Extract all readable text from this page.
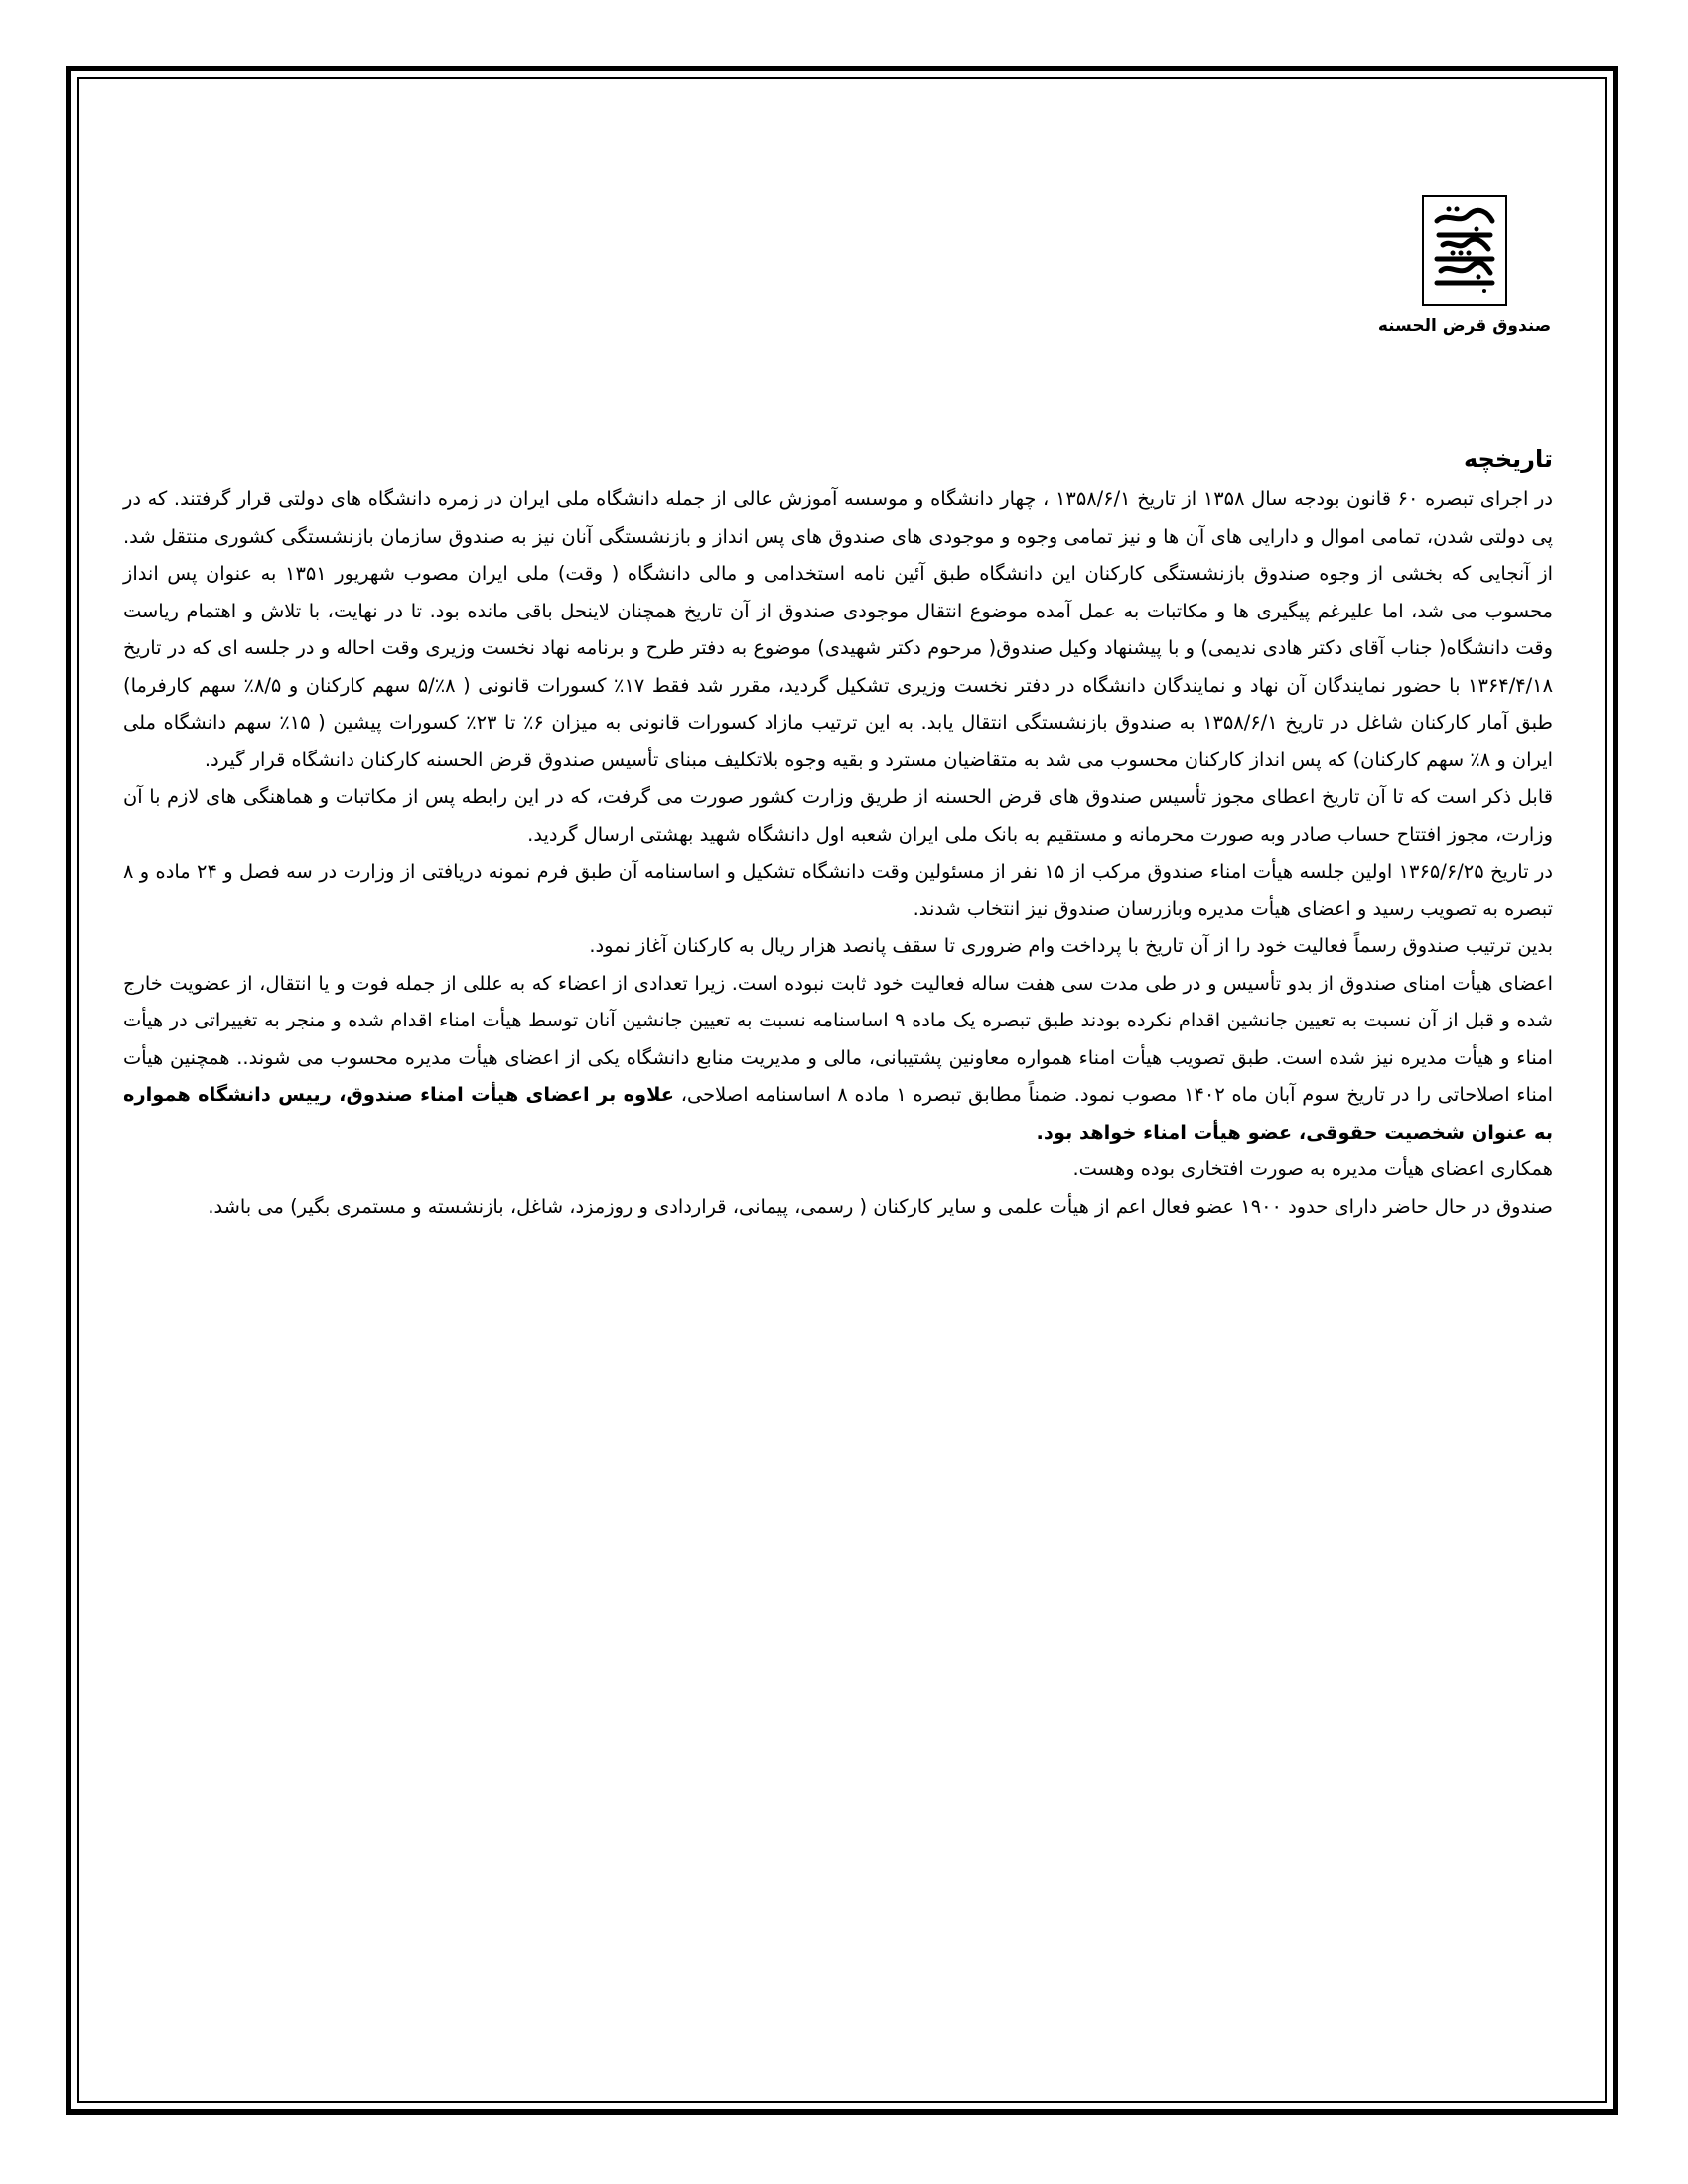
صندوق قرض الحسنه
تاریخچه

در اجرای تبصره ۶۰ قانون بودجه سال ۱۳۵۸ از تاریخ ۱۳۵۸/۶/۱ ، چهار دانشگاه و موسسه آموزش عالی از جمله دانشگاه ملی ایران در زمره دانشگاه های دولتی قرار گرفتند. که در پی دولتی شدن، تمامی اموال و دارایی های آن ها و نیز تمامی وجوه و موجودی های صندوق های پس انداز و بازنشستگی آنان نیز به صندوق سازمان بازنشستگی کشوری منتقل شد. از آنجایی که بخشی از وجوه صندوق بازنشستگی کارکنان این دانشگاه طبق آئین نامه استخدامی و مالی دانشگاه ( وقت) ملی ایران مصوب شهریور ۱۳۵۱ به عنوان پس انداز محسوب می شد، اما علیرغم پیگیری ها و مکاتبات به عمل آمده موضوع انتقال موجودی صندوق از آن تاریخ همچنان لاینحل باقی مانده بود. تا در نهایت، با تلاش و اهتمام ریاست وقت دانشگاه( جناب آقای دکتر هادی ندیمی) و با پیشنهاد وکیل صندوق( مرحوم دکتر شهیدی) موضوع به دفتر طرح و برنامه نهاد نخست وزیری وقت احاله و در جلسه ای که در تاریخ ۱۳۶۴/۴/۱۸ با حضور نمایندگان آن نهاد و نمایندگان دانشگاه در دفتر نخست وزیری تشکیل گردید، مقرر شد فقط ۱۷٪ کسورات قانونی ( ۸٪/۵ سهم کارکنان و ۸/۵٪ سهم کارفرما) طبق آمار کارکنان شاغل در تاریخ ۱۳۵۸/۶/۱ به صندوق بازنشستگی انتقال یابد. به این ترتیب مازاد کسورات قانونی به میزان ۶٪ تا ۲۳٪ کسورات پیشین ( ۱۵٪ سهم دانشگاه ملی ایران و ۸٪ سهم کارکنان) که پس انداز کارکنان محسوب می شد به متقاضیان مسترد و بقیه وجوه بلاتکلیف مبنای تأسیس صندوق قرض الحسنه کارکنان دانشگاه قرار گیرد.

قابل ذکر است که تا آن تاریخ اعطای مجوز تأسیس صندوق های قرض الحسنه از طریق وزارت کشور صورت می گرفت، که در این رابطه پس از مکاتبات و هماهنگی های لازم با آن وزارت، مجوز افتتاح حساب صادر وبه صورت محرمانه و مستقیم به بانک ملی ایران شعبه اول دانشگاه شهید بهشتی ارسال گردید.

در تاریخ ۱۳۶۵/۶/۲۵ اولین جلسه هیأت امناء صندوق مرکب از ۱۵ نفر از مسئولین وقت دانشگاه تشکیل و اساسنامه آن طبق فرم نمونه دریافتی از وزارت در سه فصل و ۲۴ ماده و ۸ تبصره به تصویب رسید و اعضای هیأت مدیره وبازرسان صندوق نیز انتخاب شدند.

بدین ترتیب صندوق رسماً فعالیت خود را از آن تاریخ با پرداخت وام ضروری تا سقف پانصد هزار ریال به کارکنان آغاز نمود.

اعضای هیأت امنای صندوق از بدو تأسیس و در طی مدت سی هفت ساله فعالیت خود ثابت نبوده است. زیرا تعدادی از اعضاء که به عللی از جمله فوت و یا انتقال، از عضویت خارج شده و قبل از آن نسبت به تعیین جانشین اقدام نکرده بودند طبق تبصره یک ماده ۹ اساسنامه نسبت به تعیین جانشین آنان توسط هیأت امناء اقدام شده و منجر به تغییراتی در هیأت امناء و هیأت مدیره نیز شده است. طبق تصویب هیأت امناء همواره معاونین پشتیبانی، مالی و مدیریت منابع دانشگاه یکی از اعضای هیأت مدیره محسوب می شوند.. همچنین هیأت امناء اصلاحاتی را در تاریخ سوم آبان ماه ۱۴۰۲ مصوب نمود. ضمناً مطابق تبصره ۱ ماده ۸ اساسنامه اصلاحی، علاوه بر اعضای هیأت امناء صندوق، رییس دانشگاه همواره به عنوان شخصیت حقوقی، عضو هیأت امناء خواهد بود.

همکاری اعضای هیأت مدیره به صورت افتخاری بوده وهست.

صندوق در حال حاضر دارای حدود ۱۹۰۰ عضو فعال اعم از هیأت علمی و سایر کارکنان ( رسمی، پیمانی، قراردادی و روزمزد، شاغل، بازنشسته و مستمری بگیر) می باشد.
